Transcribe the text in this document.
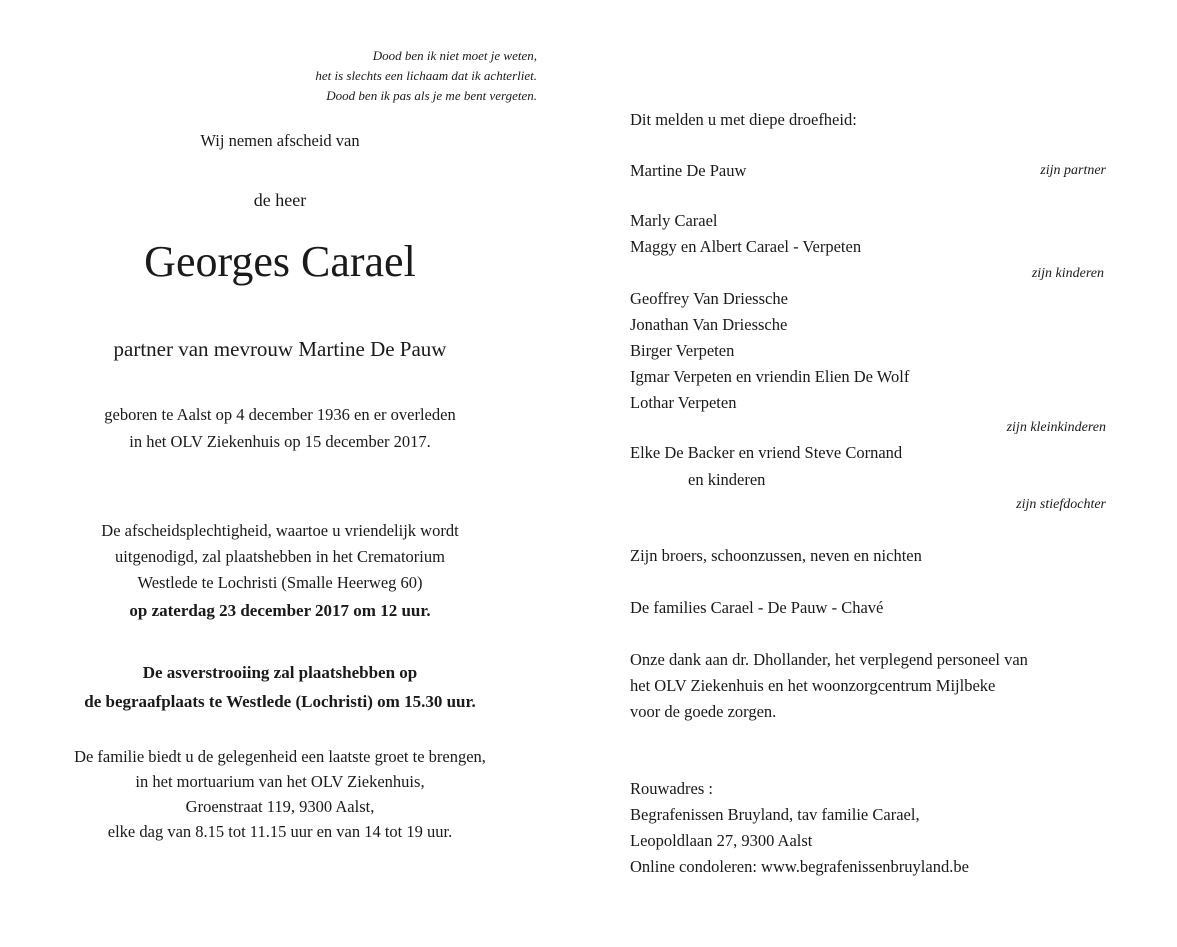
Dood ben ik niet moet je weten,
het is slechts een lichaam dat ik achterliet.
Dood ben ik pas als je me bent vergeten.
Wij nemen afscheid van
de heer
Georges Carael
partner van mevrouw Martine De Pauw
geboren te Aalst op 4 december 1936 en er overleden
in het OLV Ziekenhuis op 15 december 2017.
De afscheidsplechtigheid, waartoe u vriendelijk wordt
uitgenodigd, zal plaatshebben in het Crematorium
Westlede te Lochristi (Smalle Heerweg 60)
op zaterdag 23 december 2017 om 12 uur.
De asverstrooiing zal plaatshebben op
de begraafplaats te Westlede (Lochristi) om 15.30 uur.
De familie biedt u de gelegenheid een laatste groet te brengen,
in het mortuarium van het OLV Ziekenhuis,
Groenstraat 119, 9300 Aalst,
elke dag van 8.15 tot 11.15 uur en van 14 tot 19 uur.
Dit melden u met diepe droefheid:
Martine De Pauw	zijn partner
Marly Carael
Maggy en Albert Carael - Verpeten
zijn kinderen
Geoffrey Van Driessche
Jonathan Van Driessche
Birger Verpeten
Igmar Verpeten en vriendin Elien De Wolf
Lothar Verpeten
zijn kleinkinderen
Elke De Backer en vriend Steve Cornand
en kinderen
zijn stiefdochter
Zijn broers, schoonzussen, neven en nichten
De families Carael - De Pauw - Chavé
Onze dank aan dr. Dhollander, het verplegend personeel van
het OLV Ziekenhuis en het woonzorgcentrum Mijlbeke
voor de goede zorgen.
Rouwadres :
Begrafenissen Bruyland, tav familie Carael,
Leopoldlaan 27, 9300 Aalst
Online condoleren: www.begrafenissenbruyland.be
